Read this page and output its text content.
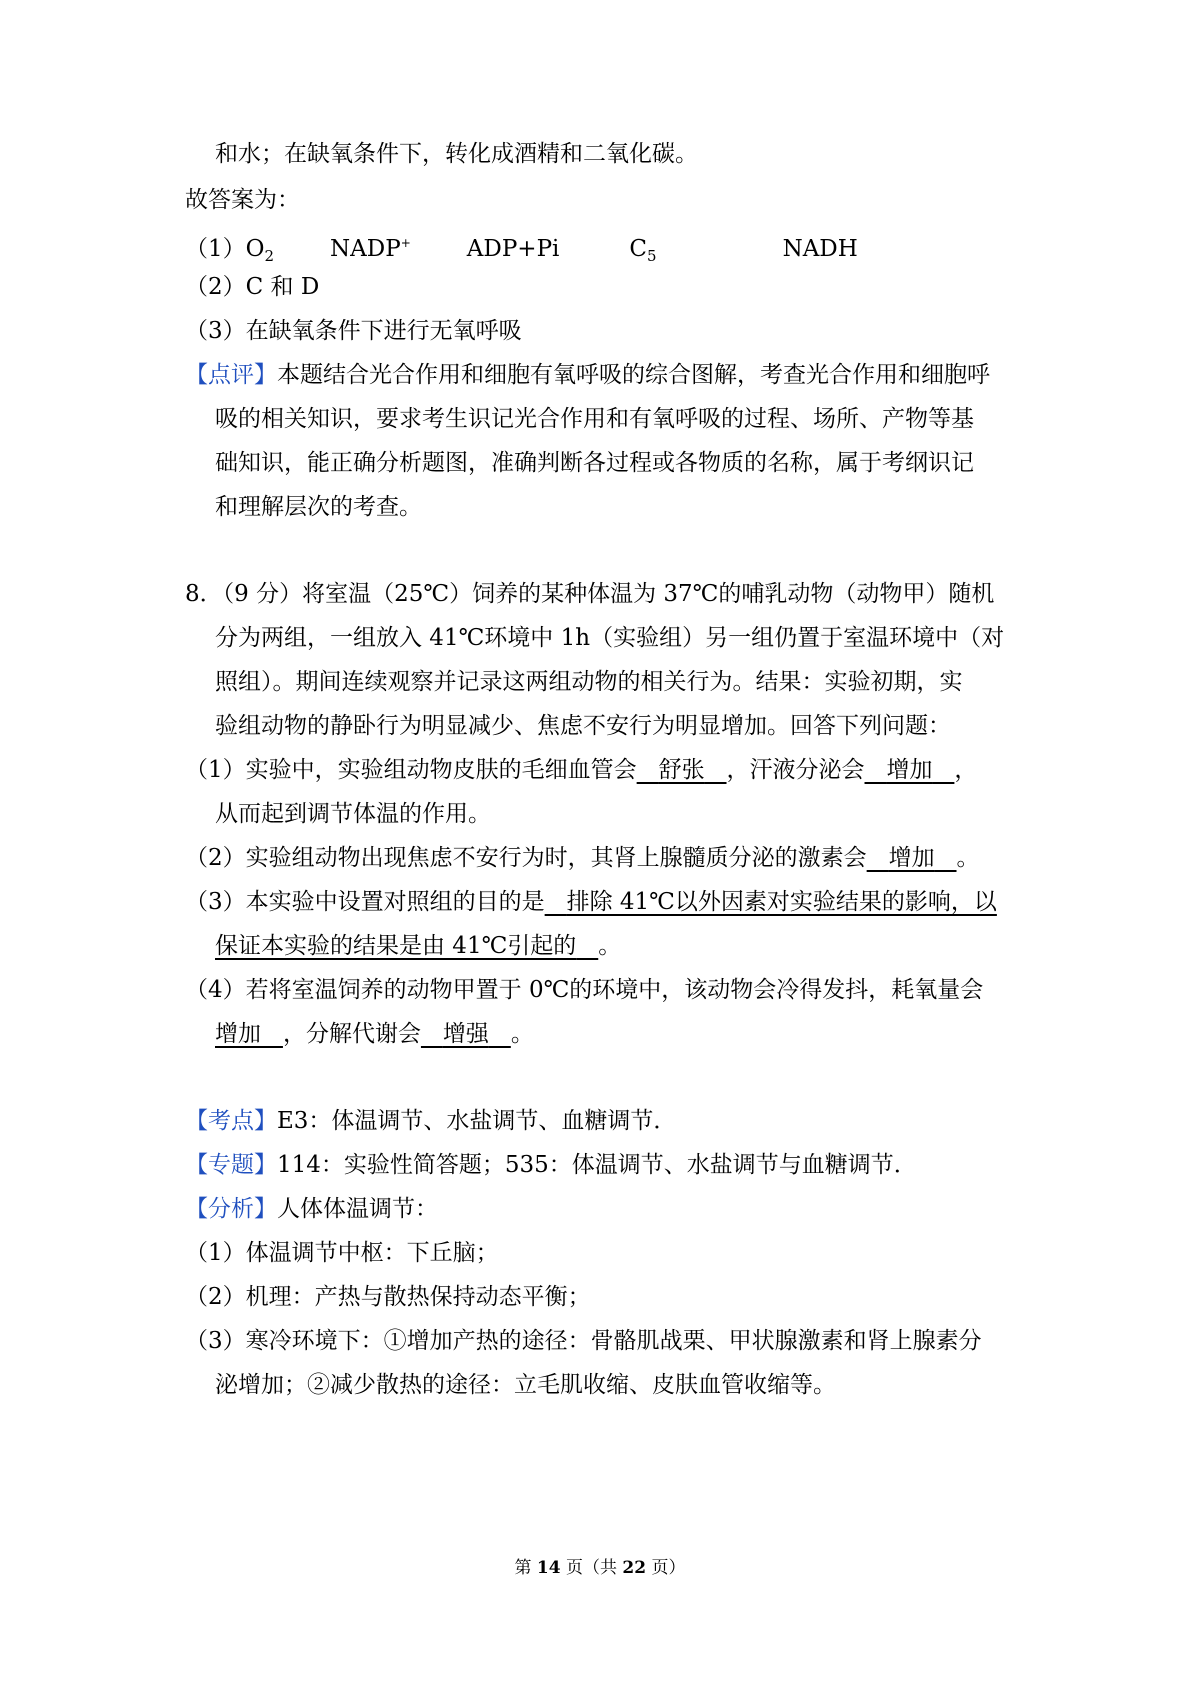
和水；在缺氧条件下，转化成酒精和二氧化碳。
故答案为：
$(1)O_2$ NADP+ ADP+Pi	$C_5$	NADH
（2）C 和 D
（3）在缺氧条件下进行无氧呼吸
【点评】本题结合光合作用和细胞有氧呼吸的综合图解，考查光合作用和细胞呼
吸的相关知识，要求考生识记光合作用和有氧呼吸的过程、场所、产物等基
础知识，能正确分析题图，准确判断各过程或各物质的名称，属于考纲识记
和理解层次的考查。
8．（9 分）将室温（25℃）饲养的某种体温为 37℃的哺乳动物（动物甲）随机
分为两组，一组放入 41℃环境中 1h（实验组）另一组仍置于室温环境中（对
照组）。期间连续观察并记录这两组动物的相关行为。结果：实验初期，实
验组动物的静卧行为明显减少、焦虑不安行为明显增加。回答下列问题：
（1）实验中，实验组动物皮肤的毛细血管会 舒张 ，汗液分泌会 增加 ，
从而起到调节体温的作用。
（2）实验组动物出现焦虑不安行为时，其肾上腺髓质分泌的激素会 增加 。
（3）本实验中设置对照组的目的是 排除 41℃以外因素对实验结果的影响，以
保证本实验的结果是由 41℃引起的 。
（4）若将室温饲养的动物甲置于 0℃的环境中，该动物会冷得发抖，耗氧量会
增加 ，分解代谢会 增强 。
【考点】E3：体温调节、水盐调节、血糖调节．
【专题】114：实验性简答题；535：体温调节、水盐调节与血糖调节．
【分析】人体体温调节：
（1）体温调节中枢：下丘脑；
（2）机理：产热与散热保持动态平衡；
（3）寒冷环境下：①增加产热的途径：骨骼肌战栗、甲状腺激素和肾上腺素分
泌增加；②减少散热的途径：立毛肌收缩、皮肤血管收缩等。
第 14 页（共 22 页）
